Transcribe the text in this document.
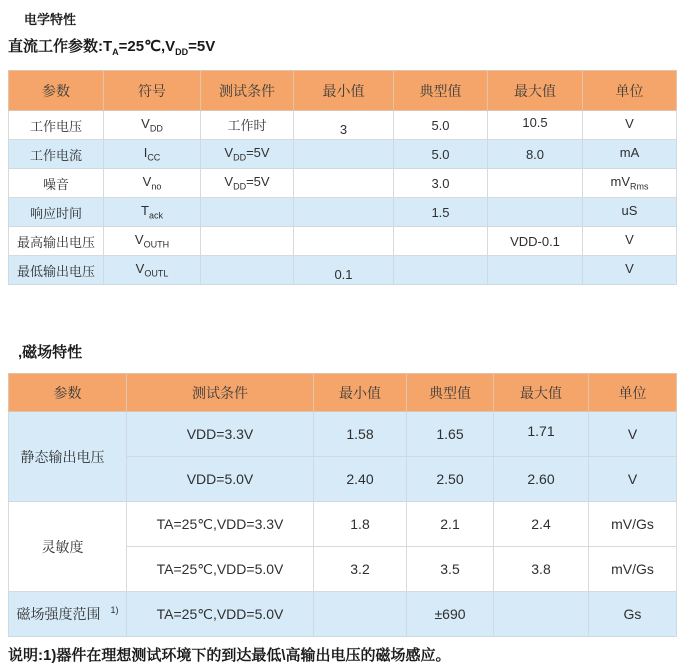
电学特性
直流工作参数$:T_A=25℃,V_{DD}=5V$
参数	符号	测试条件	最小值	典型值	最大值	单位
工作电压	$V_{DD}$	工作时	3	5.0	10.5	V
工作电流	$I_{CC}$	$V_{DD}=5V$		5.0	8.0	mA
噪音	$V_{no}$	$V_{DD}=5V$		3.0		$mV_{Rms}$
响应时间	$T_{ack}$			1.5		uS
最高输出电压	$V_{OUTH}$				VDD-0.1	V
最低输出电压	$V_{OUTL}$		0.1			V
,磁场特性
参数	测试条件	最小值	典型值	最大值	单位
静态输出电压	VDD=3.3V	1.58	1.65	1.71	V
	VDD=5.0V	2.40	2.50	2.60	V
灵敏度	TA=25℃,VDD=3.3V	1.8	2.1	2.4	mV/Gs
	TA=25℃,VDD=5.0V	3.2	3.5	3.8	mV/Gs
磁场强度范围 $^{1)}$	TA=25℃,VDD=5.0V		±690		Gs
说明:1)器件在理想测试环境下的到达最低\高输出电压的磁场感应。
